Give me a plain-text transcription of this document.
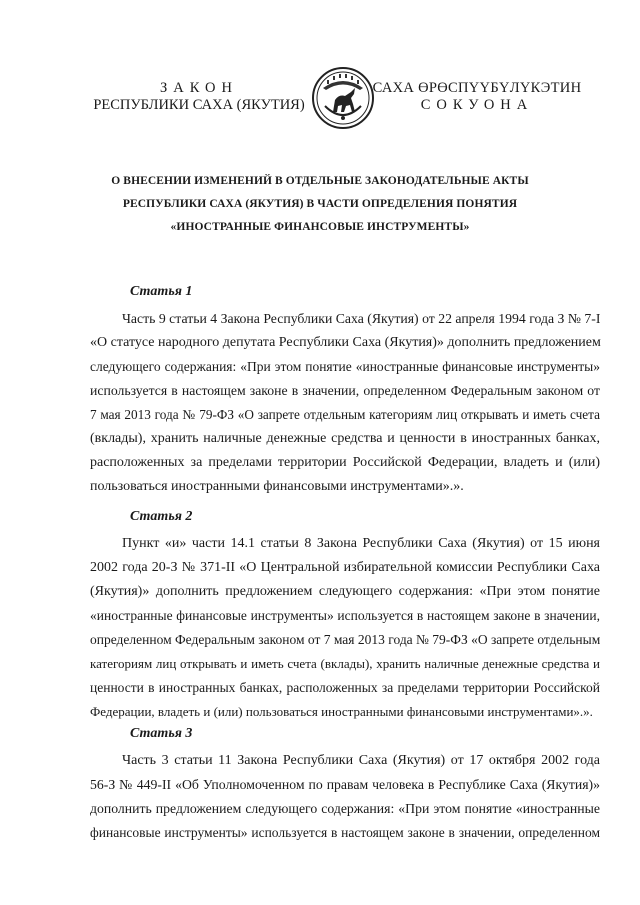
ЗАКОН
РЕСПУБЛИКИ САХА (ЯКУТИЯ)
САХА ӨРӨСПҮҮБҮЛҮКЭТИН
СОКУОНА
О ВНЕСЕНИИ ИЗМЕНЕНИЙ В ОТДЕЛЬНЫЕ ЗАКОНОДАТЕЛЬНЫЕ АКТЫ
РЕСПУБЛИКИ САХА (ЯКУТИЯ) В ЧАСТИ ОПРЕДЕЛЕНИЯ ПОНЯТИЯ
«ИНОСТРАННЫЕ ФИНАНСОВЫЕ ИНСТРУМЕНТЫ»
Статья 1
Часть 9 статьи 4 Закона Республики Саха (Якутия) от 22 апреля 1994 года З № 7-I
«О статусе народного депутата Республики Саха (Якутия)» дополнить предложением
следующего содержания: «При этом понятие «иностранные финансовые инструменты»
используется в настоящем законе в значении, определенном Федеральным законом от
7 мая 2013 года № 79-ФЗ «О запрете отдельным категориям лиц открывать и иметь счета
(вклады), хранить наличные денежные средства и ценности в иностранных банках,
расположенных за пределами территории Российской Федерации, владеть и (или)
пользоваться иностранными финансовыми инструментами».».
Статья 2
Пункт «и» части 14.1 статьи 8 Закона Республики Саха (Якутия) от 15 июня
2002 года 20-З № 371-II «О Центральной избирательной комиссии Республики Саха
(Якутия)» дополнить предложением следующего содержания: «При этом понятие
«иностранные финансовые инструменты» используется в настоящем законе в значении,
определенном Федеральным законом от 7 мая 2013 года № 79-ФЗ «О запрете отдельным
категориям лиц открывать и иметь счета (вклады), хранить наличные денежные средства и
ценности в иностранных банках, расположенных за пределами территории Российской
Федерации, владеть и (или) пользоваться иностранными финансовыми инструментами».».
Статья 3
Часть 3 статьи 11 Закона Республики Саха (Якутия) от 17 октября 2002 года
56-З № 449-II «Об Уполномоченном по правам человека в Республике Саха (Якутия)»
дополнить предложением следующего содержания: «При этом понятие «иностранные
финансовые инструменты» используется в настоящем законе в значении, определенном
